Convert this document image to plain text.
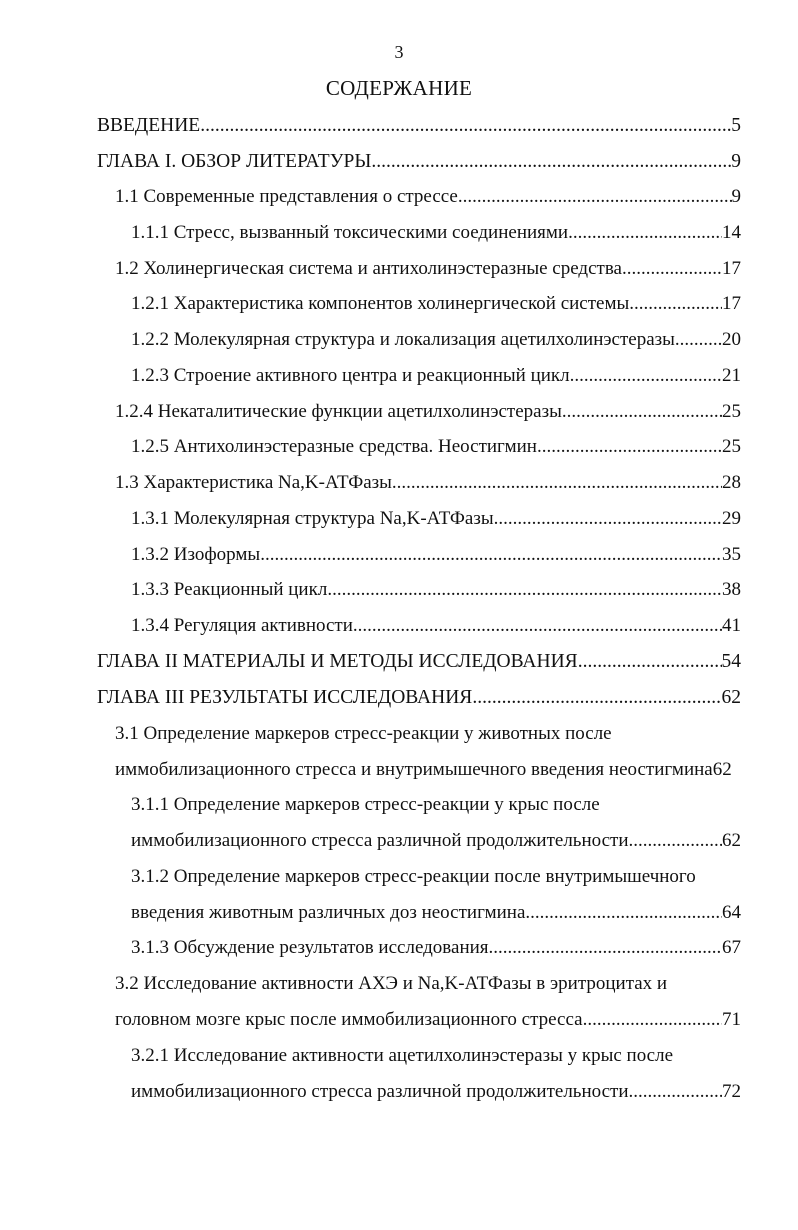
3
СОДЕРЖАНИЕ
ВВЕДЕНИЕ .....	5
ГЛАВА I. ОБЗОР ЛИТЕРАТУРЫ .....	9
1.1 Современные представления о стрессе .....	9
1.1.1 Стресс, вызванный токсическими соединениями .....	14
1.2 Холинергическая система и антихолинэстеразные средства .....	17
1.2.1 Характеристика компонентов холинергической системы .....	17
1.2.2 Молекулярная структура и локализация ацетилхолинэстеразы ..... 20
1.2.3 Строение активного центра и реакционный цикл .....	21
1.2.4 Некаталитические функции ацетилхолинэстеразы .....	25
1.2.5 Антихолинэстеразные средства. Неостигмин .....	25
1.3 Характеристика Na,K-АТФазы .....	28
1.3.1 Молекулярная структура Na,K-АТФазы .....	29
1.3.2 Изоформы .....	35
1.3.3 Реакционный цикл .....	38
1.3.4 Регуляция активности .....	41
ГЛАВА II МАТЕРИАЛЫ И МЕТОДЫ ИССЛЕДОВАНИЯ .....	54
ГЛАВА III РЕЗУЛЬТАТЫ ИССЛЕДОВАНИЯ .....	62
3.1 Определение маркеров стресс-реакции у животных после
иммобилизационного стресса и внутримышечного введения неостигмина 62
3.1.1 Определение маркеров стресс-реакции у крыс после
иммобилизационного стресса различной продолжительности .....	62
3.1.2 Определение маркеров стресс-реакции после внутримышечного
введения животным различных доз неостигмина .....	64
3.1.3 Обсуждение результатов исследования .....	67
3.2 Исследование активности АХЭ и Na,K-АТФазы в эритроцитах и
головном мозге крыс после иммобилизационного стресса .....	71
3.2.1 Исследование активности ацетилхолинэстеразы у крыс после
иммобилизационного стресса различной продолжительности .....	72
